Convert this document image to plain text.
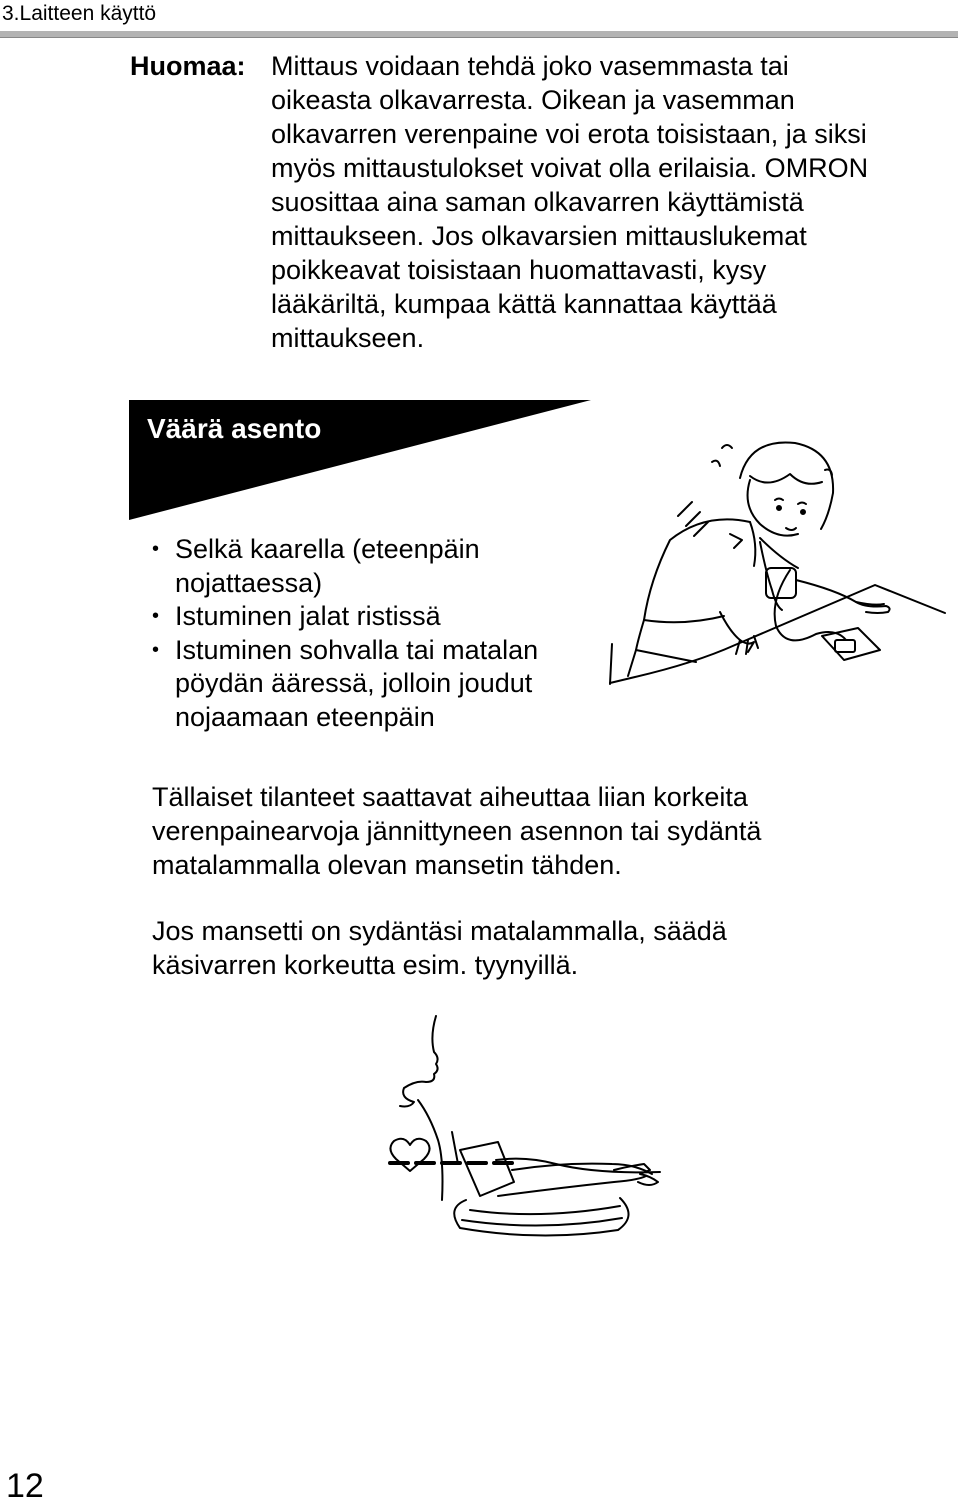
3.Laitteen käyttö
Huomaa: Mittaus voidaan tehdä joko vasemmasta tai

oikeasta olkavarresta. Oikean ja vasemman

olkavarren verenpaine voi erota toisistaan, ja siksi

myös mittaustulokset voivat olla erilaisia. OMRON

suosittaa aina saman olkavarren käyttämistä

mittaukseen. Jos olkavarsien mittauslukemat

poikkeavat toisistaan huomattavasti, kysy

lääkäriltä, kumpaa kättä kannattaa käyttää

mittaukseen.

Väärä asento
• Selkä kaarella (eteenpäin
nojattaessa)
• Istuminen jalat ristissä
• Istuminen sohvalla tai matalan
pöydän ääressä, jolloin joudut
nojaamaan eteenpäin

Tällaiset tilanteet saattavat aiheuttaa liian korkeita

verenpainearvoja jännittyneen asennon tai sydäntä

matalammalla olevan mansetin tähden.

Jos mansetti on sydäntäsi matalammalla, säädä

käsivarren korkeutta esim. tyynyillä.

12
